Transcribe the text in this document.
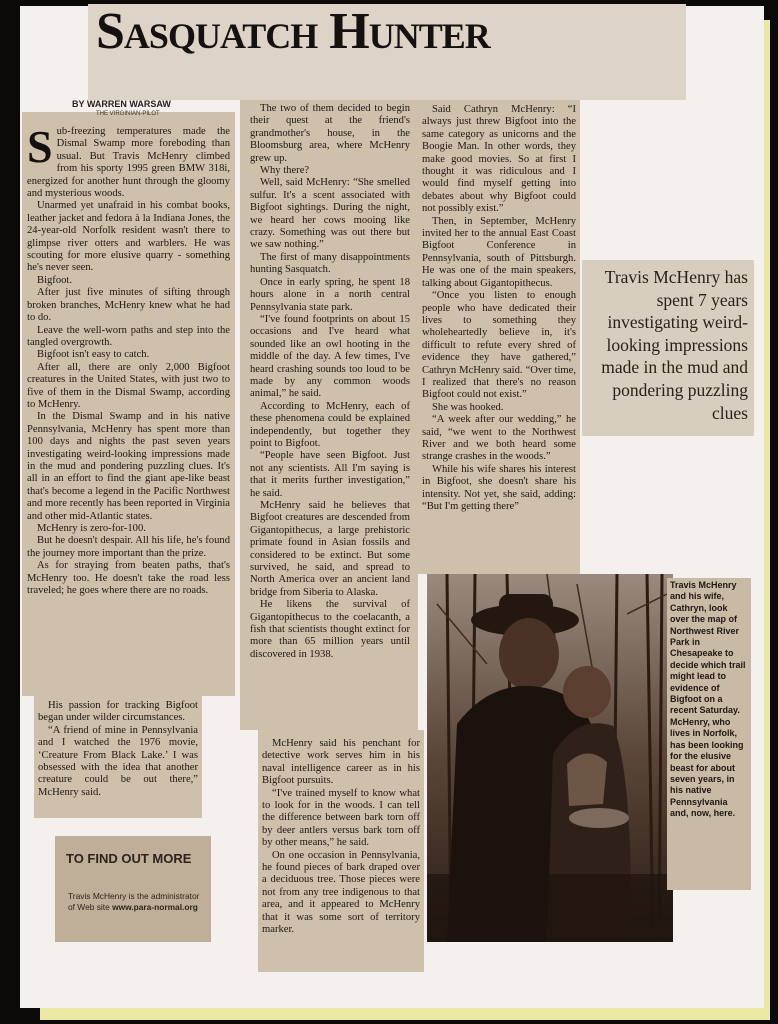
Sasquatch Hunter
BY WARREN WARSAW
THE VIRGINIAN-PILOT
S ub-freezing temperatures made the Dismal Swamp more foreboding than usual. But Travis McHenry climbed from his sporty 1995 green BMW 318i, energized for another hunt through the gloomy and mysterious woods.

Unarmed yet unafraid in his combat books, leather jacket and fedora à la Indiana Jones, the 24-year-old Norfolk resident wasn't there to glimpse river otters and warblers. He was scouting for more elusive quarry - something he's never seen.

Bigfoot.

After just five minutes of sifting through broken branches, McHenry knew what he had to do.

Leave the well-worn paths and step into the tangled overgrowth.

Bigfoot isn't easy to catch.

After all, there are only 2,000 Bigfoot creatures in the United States, with just two to five of them in the Dismal Swamp, according to McHenry.

In the Dismal Swamp and in his native Pennsylvania, McHenry has spent more than 100 days and nights the past seven years investigating weird-looking impressions made in the mud and pondering puzzling clues. It's all in an effort to find the giant ape-like beast that's become a legend in the Pacific Northwest and more recently has been reported in Virginia and other mid-Atlantic states.

McHenry is zero-for-100.

But he doesn't despair. All his life, he's found the journey more important than the prize.

As for straying from beaten paths, that's McHenry too. He doesn't take the road less traveled; he goes where there are no roads.

His passion for tracking Bigfoot began under wilder circumstances.

“A friend of mine in Pennsylvania and I watched the 1976 movie, ‘Creature From Black Lake.’ I was obsessed with the idea that another creature could be out there,” McHenry said.

The two of them decided to begin their quest at the friend's grandmother's house, in the Bloomsburg area, where McHenry grew up.

Why there?

Well, said McHenry: “She smelled sulfur. It's a scent associated with Bigfoot sightings. During the night, we heard her cows mooing like crazy. Something was out there but we saw nothing.”

The first of many disappointments hunting Sasquatch.

Once in early spring, he spent 18 hours alone in a north central Pennsylvania state park.

“I've found footprints on about 15 occasions and I've heard what sounded like an owl hooting in the middle of the day. A few times, I've heard crashing sounds too loud to be made by any common woods animal,” he said.

According to McHenry, each of these phenomena could be explained independently, but together they point to Bigfoot.

“People have seen Bigfoot. Just not any scientists. All I'm saying is that it merits further investigation,” he said.

McHenry said he believes that Bigfoot creatures are descended from Gigantopithecus, a large prehistoric primate found in Asian fossils and considered to be extinct. But some survived, he said, and spread to North America over an ancient land bridge from Siberia to Alaska.

He likens the survival of Gigantopithecus to the coelacanth, a fish that scientists thought extinct for more than 65 million years until discovered in 1938.

McHenry said his penchant for detective work serves him in his naval intelligence career as in his Bigfoot pursuits.

“I've trained myself to know what to look for in the woods. I can tell the difference between bark torn off by deer antlers versus bark torn off by other means,” he said.

On one occasion in Pennsylvania, he found pieces of bark draped over a deciduous tree. Those pieces were not from any tree indigenous to that area, and it appeared to McHenry that it was some sort of territory marker.

Said Cathryn McHenry: “I always just threw Bigfoot into the same category as unicorns and the Boogie Man. In other words, they make good movies. So at first I thought it was ridiculous and I would find myself getting into debates about why Bigfoot could not possibly exist.”

Then, in September, McHenry invited her to the annual East Coast Bigfoot Conference in Pennsylvania, south of Pittsburgh. He was one of the main speakers, talking about Gigantopithecus.

“Once you listen to enough people who have dedicated their lives to something they wholeheartedly believe in, it's difficult to refute every shred of evidence they have gathered,” Cathryn McHenry said. “Over time, I realized that there's no reason Bigfoot could not exist.”

She was hooked.

“A week after our wedding,” he said, “we went to the Northwest River and we both heard some strange crashes in the woods.”

While his wife shares his interest in Bigfoot, she doesn't share his intensity. Not yet, she said, adding: “But I'm getting there”

Travis McHenry has spent 7 years investigating weird-looking impressions made in the mud and pondering puzzling clues
Travis McHenry and his wife, Cathryn, look over the map of Northwest River Park in Chesapeake to decide which trail might lead to evidence of Bigfoot on a recent Saturday. McHenry, who lives in Norfolk, has been looking for the elusive beast for about seven years, in his native Pennsylvania and, now, here.
TO FIND OUT MORE
Travis McHenry is the administrator of Web site www.para-normal.org
